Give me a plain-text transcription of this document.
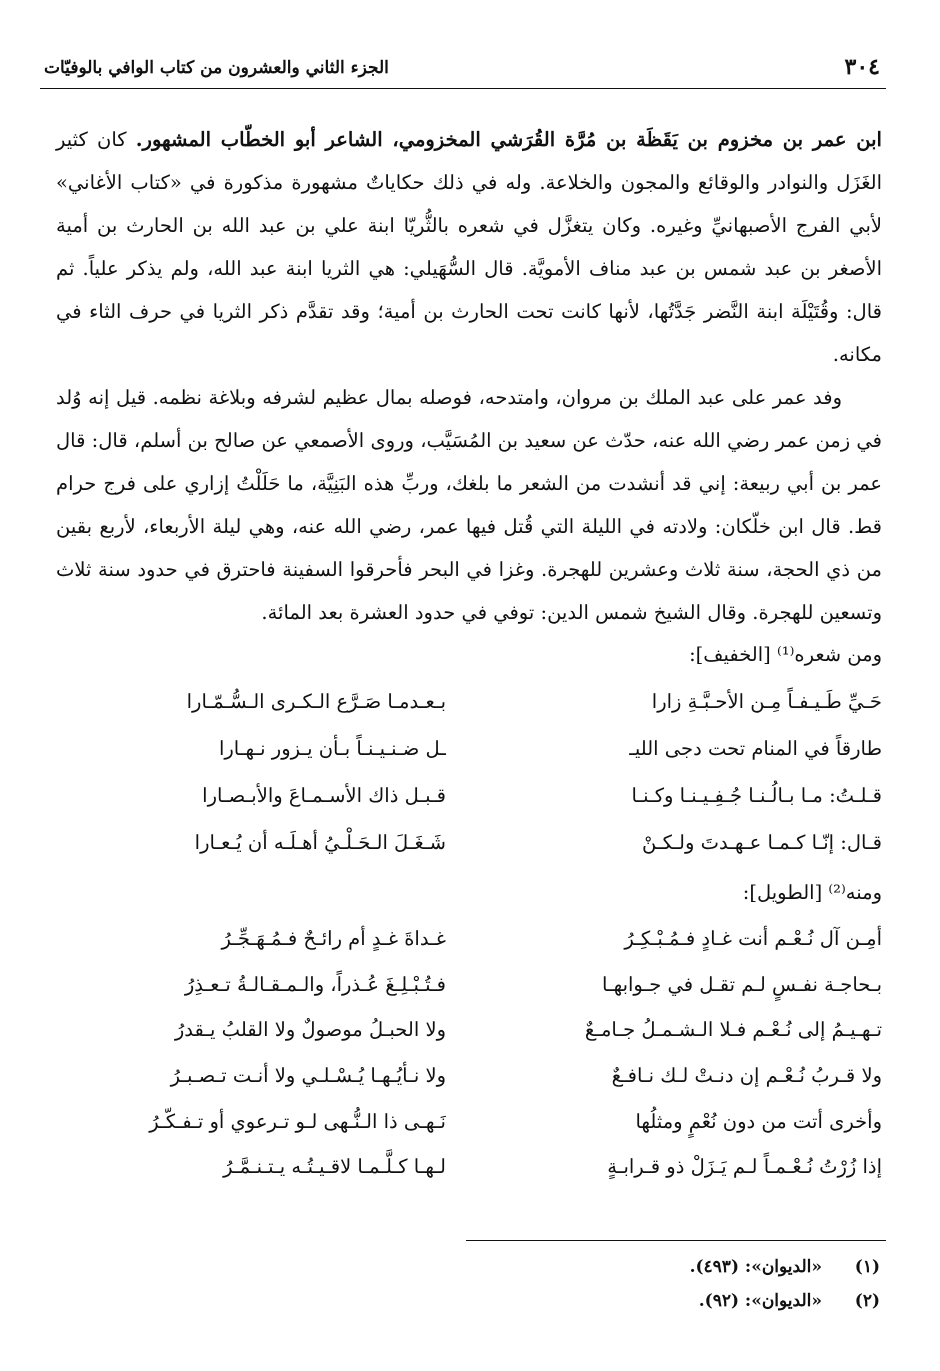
٣٠٤
الجزء الثاني والعشرون من كتاب الوافي بالوفيّات

ابن عمر بن مخزوم بن يَقَظَة بن مُرَّة القُرَشي المخزومي، الشاعر أبو الخطّاب المشهور. كان كثير الغَزَل والنوادر والوقائع والمجون والخلاعة. وله في ذلك حكاياتٌ مشهورة مذكورة في «كتاب الأغاني» لأبي الفرج الأصبهانيِّ وغيره. وكان يتغزَّل في شعره بالثُّريّا ابنة علي بن عبد الله بن الحارث بن أمية الأصغر بن عبد شمس بن عبد مناف الأمويَّة. قال السُّهَيلي: هي الثريا ابنة عبد الله، ولم يذكر علياً. ثم قال: وقُتَيْلَة ابنة النَّضر جَدَّتُها، لأنها كانت تحت الحارث بن أمية؛ وقد تقدَّم ذكر الثريا في حرف الثاء في مكانه.

وفد عمر على عبد الملك بن مروان، وامتدحه، فوصله بمال عظيم لشرفه وبلاغة نظمه. قيل إنه وُلد في زمن عمر رضي الله عنه، حدّث عن سعيد بن المُسَيَّب، وروى الأصمعي عن صالح بن أسلم، قال: قال عمر بن أبي ربيعة: إني قد أنشدت من الشعر ما بلغك، وربِّ هذه البَنِيَّة، ما حَلَلْتُ إزاري على فرج حرام قط. قال ابن خلّكان: ولادته في الليلة التي قُتل فيها عمر، رضي الله عنه، وهي ليلة الأربعاء، لأربع بقين من ذي الحجة، سنة ثلاث وعشرين للهجرة. وغزا في البحر فأحرقوا السفينة فاحترق في حدود سنة ثلاث وتسعين للهجرة. وقال الشيخ شمس الدين: توفي في حدود العشرة بعد المائة.

ومن شعره⁽¹⁾ [الخفيف]:

حَـيِّ طَـيـفـاً مِـن الأحـبَّـةِ زارا
بـعـدمـا صَـرَّع الـكـرى الـسُّـمّـارا
طارقاً في المنام تحت دجى الليـ
ـل ضـنـيـنـاً بـأن يـزور نـهـارا
قـلـتُ: مـا بـالُـنـا جُـفِـيـنـا وكـنـا
قـبـل ذاك الأسـمـاعَ والأبـصـارا
قـال: إنّـا كـمـا عـهـدتَ ولـكـنْ
شَـغَـلَ الـحَـلْـيُ أهـلَـه أن يُـعـارا

ومنه⁽²⁾ [الطويل]:

أمِـن آل نُـعْـم أنت غـادٍ فـمُـبْـكِـرُ
غـداةَ غـدٍ أم رائـحٌ فـمُـهَـجِّـرُ
بـحاجـة نفـسٍ لـم تقـل في جـوابهـا
فـتُـبْـلِـغَ عُـذراً، والـمـقـالـةُ تـعـذِرُ
تـهـيـمُ إلى نُـعْـم فـلا الـشـمـلُ جـامـعٌ
ولا الحبـلُ موصولٌ ولا القلبُ يـقدرُ
ولا قـربُ نُـعْـم إن دنـتْ لـك نـافـعٌ
ولا نـأيُـهـا يُـسْـلـي ولا أنـت تـصـبـرُ
وأخرى أتت من دون نُعْمٍ ومثلُها
نَـهـى ذا الـنُّـهى لـو تـرعوي أو تـفـكّـرُ
إذا زُرْتُ نُـعْـمـاً لـم يَـزَلْ ذو قـرابـةٍ
لـهـا كـلَّـمـا لاقـيـتُـه يـتـنـمَّـرُ
(١)
«الديوان»: (٤٩٣).
(٢)
«الديوان»: (٩٢).
